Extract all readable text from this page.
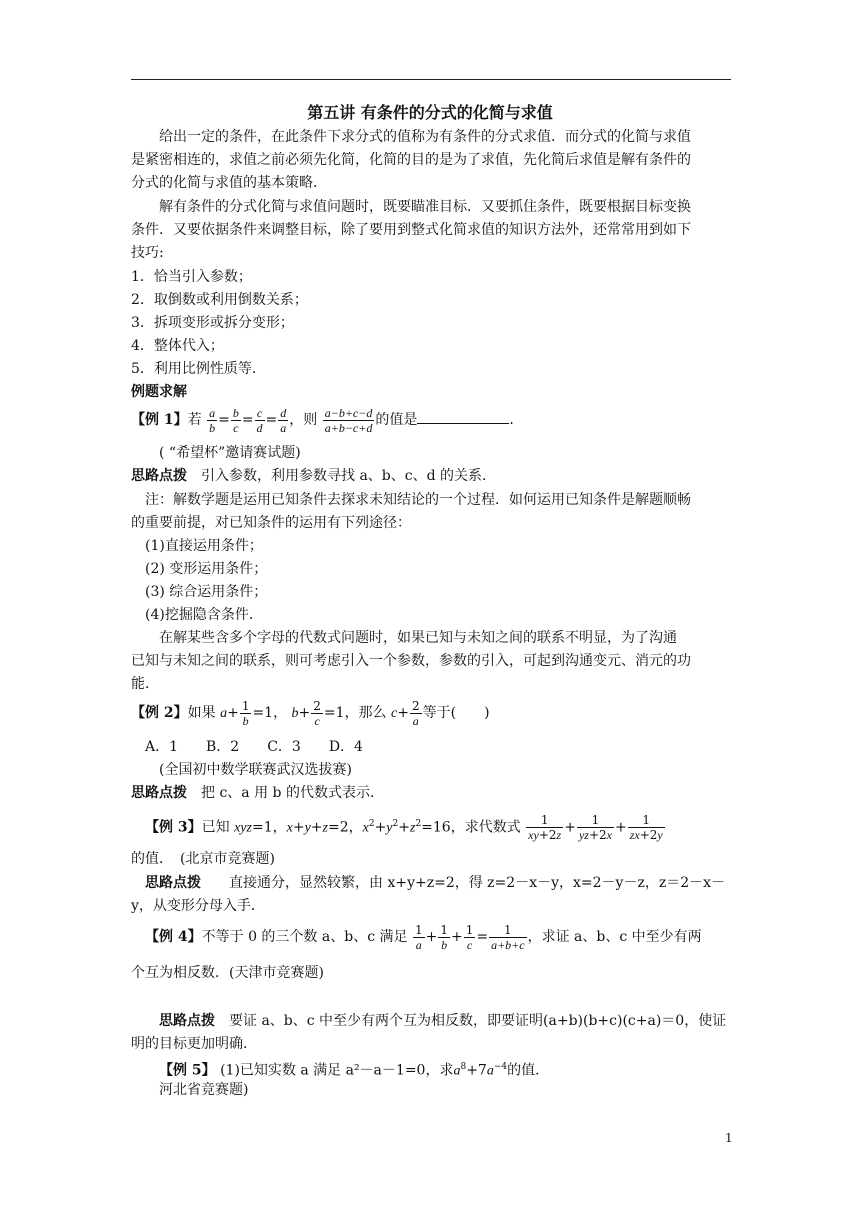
第五讲 有条件的分式的化简与求值
给出一定的条件，在此条件下求分式的值称为有条件的分式求值．而分式的化简与求值
是紧密相连的，求值之前必须先化简，化简的目的是为了求值，先化简后求值是解有条件的
分式的化简与求值的基本策略．
解有条件的分式化简与求值问题时，既要瞄准目标．又要抓住条件，既要根据目标变换
条件．又要依据条件来调整目标，除了要用到整式化简求值的知识方法外，还常常用到如下
技巧:
1．恰当引入参数；
2．取倒数或利用倒数关系；
3．拆项变形或拆分变形；
4．整体代入；
5．利用比例性质等．
例题求解
【例 1】若 $\frac{a}{b} = \frac{b}{c} = \frac{c}{d} = \frac{d}{a}$ ，则 $\frac{a-b+c-d}{a+b-c+d}$ 的值是	．
( “希望杯”邀请赛试题)
思路点拨　 引入参数，利用参数寻找 a、b、c、d 的关系．
注：解数学题是运用已知条件去探求未知结论的一个过程．如何运用已知条件是解题顺畅
的重要前提，对已知条件的运用有下列途径：
(1)直接运用条件；
(2) 变形运用条件；
(3) 综合运用条件；
(4)挖掘隐含条件．
在解某些含多个字母的代数式问题时，如果已知与未知之间的联系不明显，为了沟通
已知与未知之间的联系，则可考虑引入一个参数，参数的引入，可起到沟通变元、消元的功
能．
【例 2】如果 $a+ \frac{1}{b} =1$， $b+ \frac{2}{c} =1$，那么 $c+ \frac{2}{a}$ 等于(　　)
A．1　　B．2　　C．3　　D．4
(全国初中数学联赛武汉选拔赛)
思路点拨　 把 c、a 用 b 的代数式表示．
【例 3】已知 xyz=1，x+y+z=2，$x^2+y^2+z^2=16$，求代数式 $\frac{1}{xy+2z} + \frac{1}{yz+2x} + \frac{1}{zx+2y}$
的值．　(北京市竞赛题)
思路点拨　　 直接通分，显然较繁，由 x+y+z=2，得 z=2－x－y，x=2－y－z，z＝2－x－
y，从变形分母入手．
【例 4】不等于 0 的三个数 a、b、c 满足 $\frac{1}{a} + \frac{1}{b} + \frac{1}{c} = \frac{1}{a+b+c}$ ，求证 a、b、c 中至少有两
个互为相反数．(天津市竞赛题)
思路点拨　 要证 a、b、c 中至少有两个互为相反数，即要证明(a+b)(b+c)(c+a)＝0，使证
明的目标更加明确．
【例 5】 (1)已知实数 a 满足 a²－a－1=0，求$a^8+7a^{-4}$的值．
河北省竞赛题)
1
